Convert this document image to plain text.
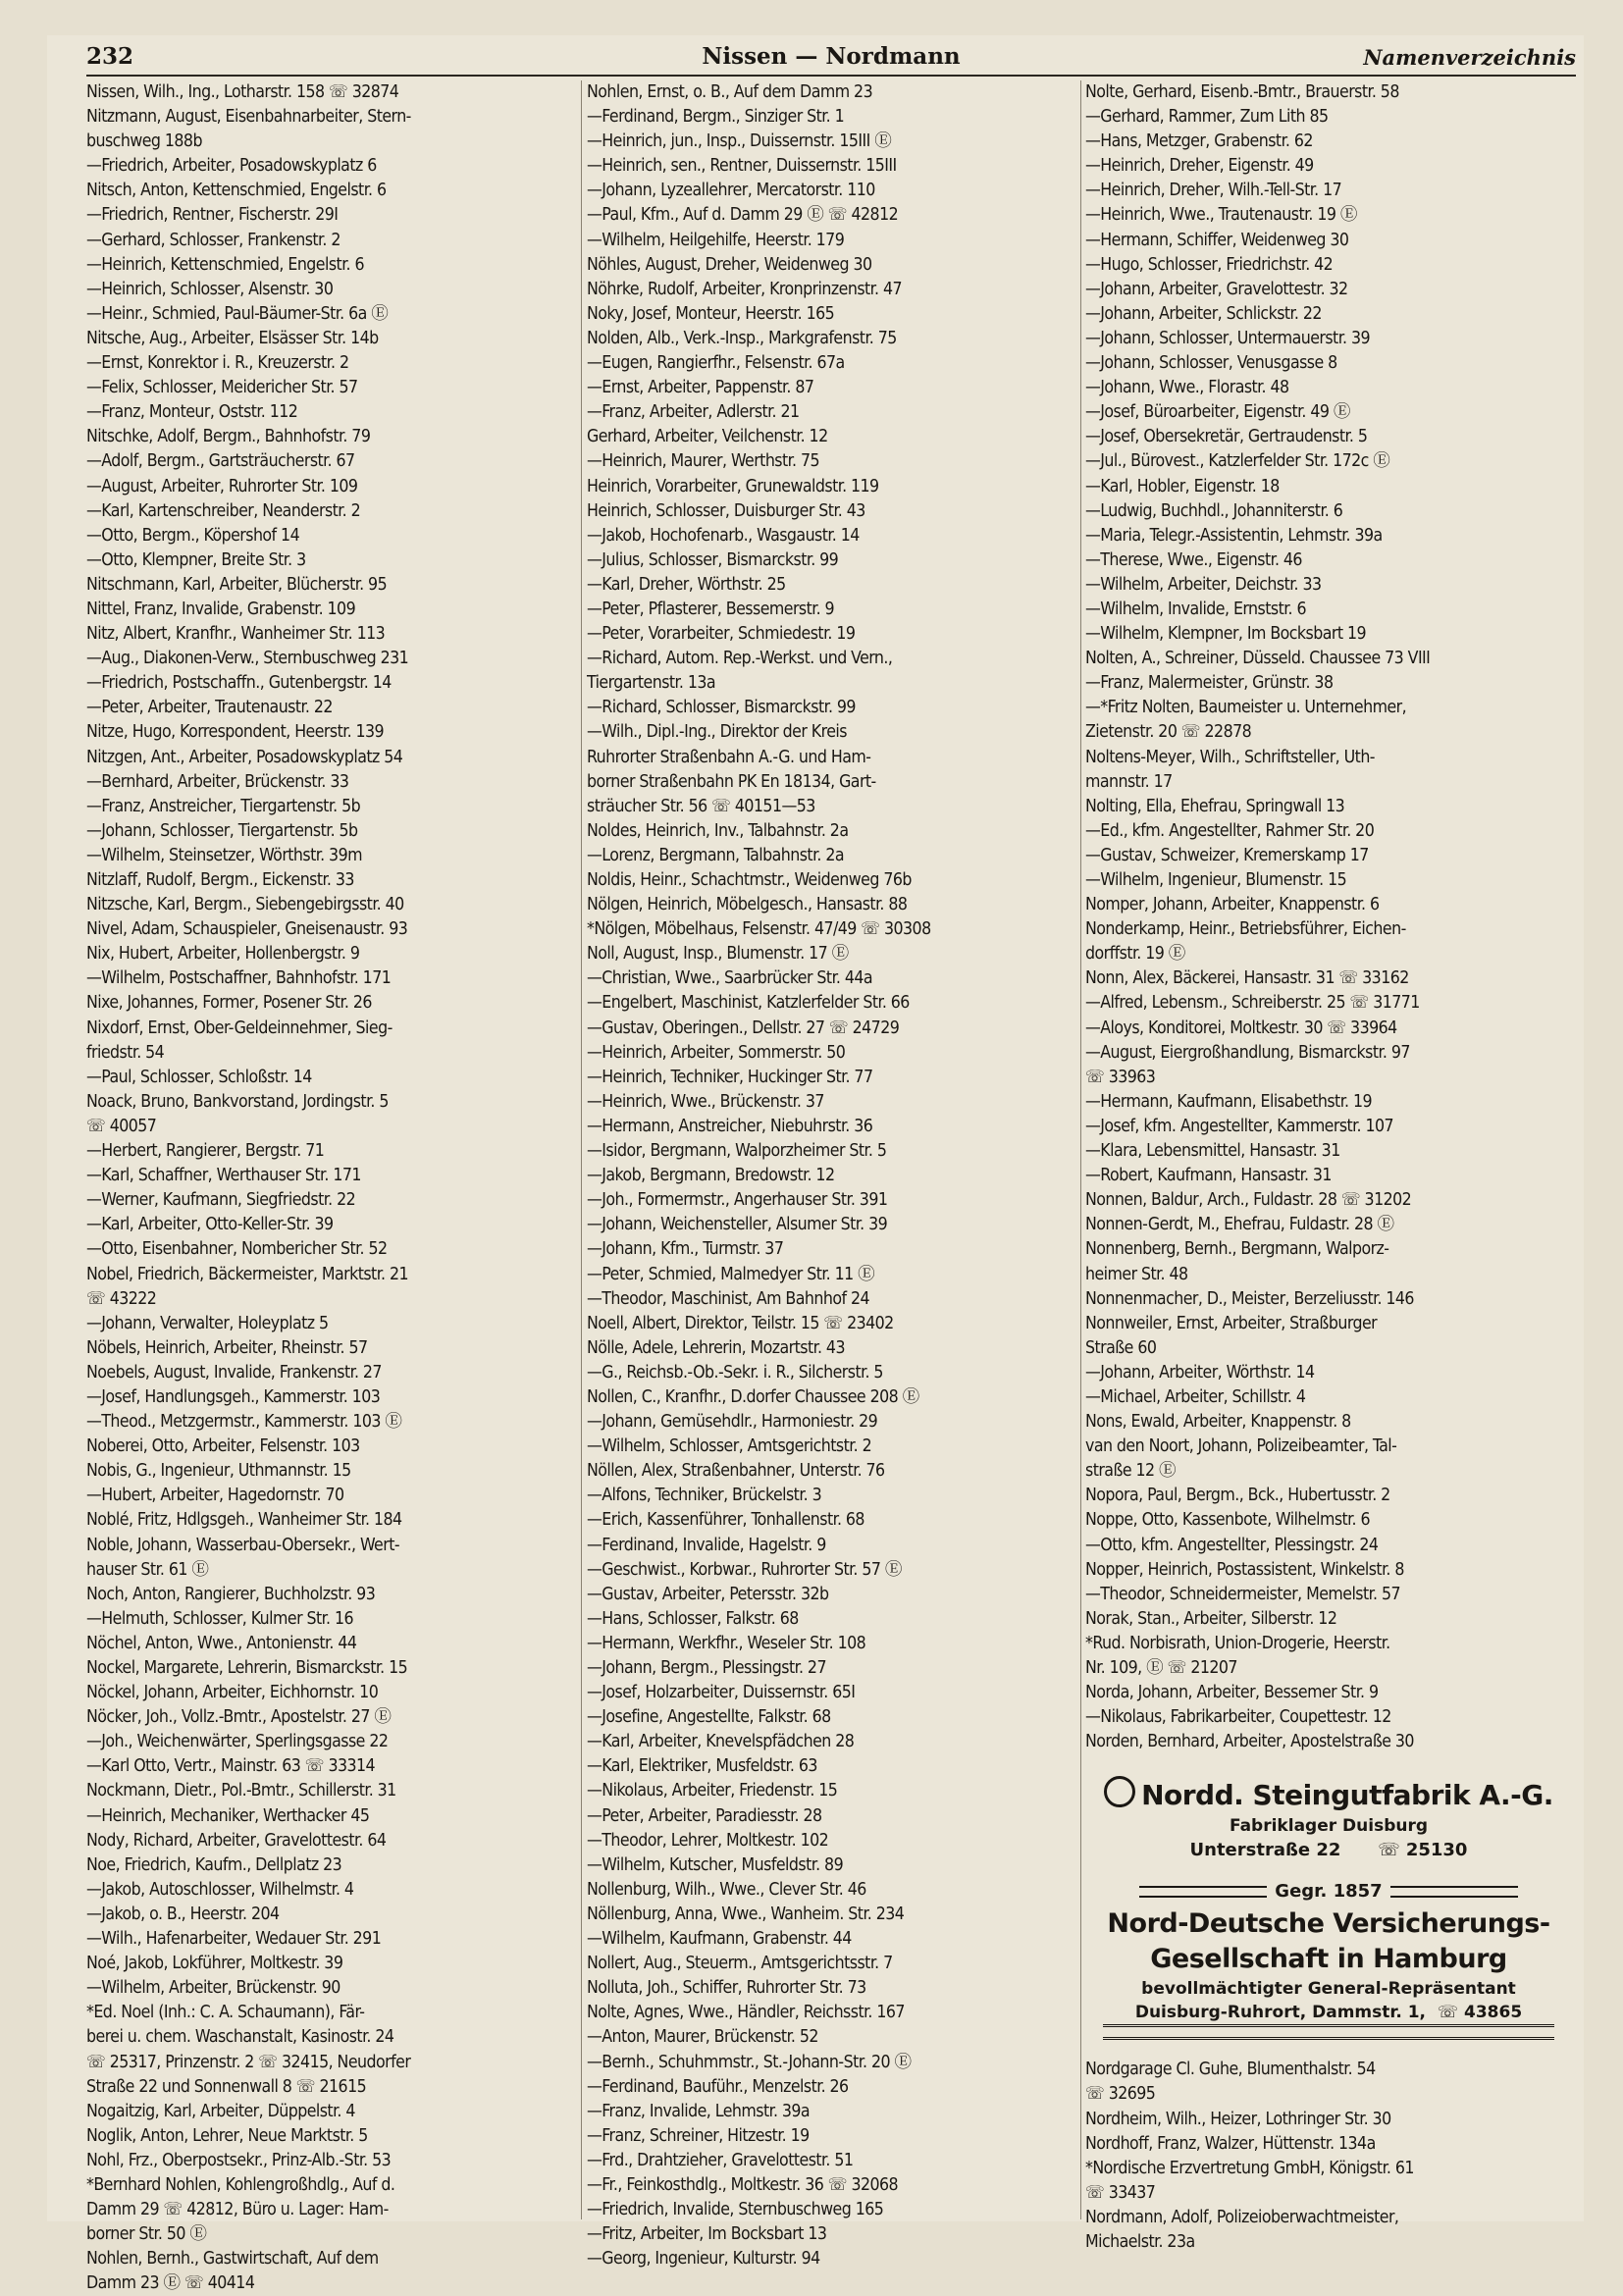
232	Nissen — Nordmann	Namenverzeichnis
Nissen, Wilh., Ing., Lotharstr. 158 ☏ 32874
Nitzmann, August, Eisenbahnarbeiter, Stern-
buschweg 188b
—Friedrich, Arbeiter, Posadowskyplatz 6
Nitsch, Anton, Kettenschmied, Engelstr. 6
—Friedrich, Rentner, Fischerstr. 29I
—Gerhard, Schlosser, Frankenstr. 2
—Heinrich, Kettenschmied, Engelstr. 6
—Heinrich, Schlosser, Alsenstr. 30
—Heinr., Schmied, Paul-Bäumer-Str. 6a Ⓔ
Nitsche, Aug., Arbeiter, Elsässer Str. 14b
—Ernst, Konrektor i. R., Kreuzerstr. 2
—Felix, Schlosser, Meidericher Str. 57
—Franz, Monteur, Oststr. 112
Nitschke, Adolf, Bergm., Bahnhofstr. 79
—Adolf, Bergm., Gartsträucherstr. 67
—August, Arbeiter, Ruhrorter Str. 109
—Karl, Kartenschreiber, Neanderstr. 2
—Otto, Bergm., Köpershof 14
—Otto, Klempner, Breite Str. 3
Nitschmann, Karl, Arbeiter, Blücherstr. 95
Nittel, Franz, Invalide, Grabenstr. 109
Nitz, Albert, Kranfhr., Wanheimer Str. 113
—Aug., Diakonen-Verw., Sternbuschweg 231
—Friedrich, Postschaffn., Gutenbergstr. 14
—Peter, Arbeiter, Trautenaustr. 22
Nitze, Hugo, Korrespondent, Heerstr. 139
Nitzgen, Ant., Arbeiter, Posadowskyplatz 54
—Bernhard, Arbeiter, Brückenstr. 33
—Franz, Anstreicher, Tiergartenstr. 5b
—Johann, Schlosser, Tiergartenstr. 5b
—Wilhelm, Steinsetzer, Wörthstr. 39m
Nitzlaff, Rudolf, Bergm., Eickenstr. 33
Nitzsche, Karl, Bergm., Siebengebirgsstr. 40
Nivel, Adam, Schauspieler, Gneisenaustr. 93
Nix, Hubert, Arbeiter, Hollenbergstr. 9
—Wilhelm, Postschaffner, Bahnhofstr. 171
Nixe, Johannes, Former, Posener Str. 26
Nixdorf, Ernst, Ober-Geldeinnehmer, Sieg-
friedstr. 54
—Paul, Schlosser, Schloßstr. 14
Noack, Bruno, Bankvorstand, Jordingstr. 5
☏ 40057
—Herbert, Rangierer, Bergstr. 71
—Karl, Schaffner, Werthauser Str. 171
—Werner, Kaufmann, Siegfriedstr. 22
—Karl, Arbeiter, Otto-Keller-Str. 39
—Otto, Eisenbahner, Nombericher Str. 52
Nobel, Friedrich, Bäckermeister, Marktstr. 21
☏ 43222
—Johann, Verwalter, Holeyplatz 5
Nöbels, Heinrich, Arbeiter, Rheinstr. 57
Noebels, August, Invalide, Frankenstr. 27
—Josef, Handlungsgeh., Kammerstr. 103
—Theod., Metzgermstr., Kammerstr. 103 Ⓔ
Noberei, Otto, Arbeiter, Felsenstr. 103
Nobis, G., Ingenieur, Uthmannstr. 15
—Hubert, Arbeiter, Hagedornstr. 70
Noblé, Fritz, Hdlgsgeh., Wanheimer Str. 184
Noble, Johann, Wasserbau-Obersekr., Wert-
hauser Str. 61 Ⓔ
Noch, Anton, Rangierer, Buchholzstr. 93
—Helmuth, Schlosser, Kulmer Str. 16
Nöchel, Anton, Wwe., Antonienstr. 44
Nockel, Margarete, Lehrerin, Bismarckstr. 15
Nöckel, Johann, Arbeiter, Eichhornstr. 10
Nöcker, Joh., Vollz.-Bmtr., Apostelstr. 27 Ⓔ
—Joh., Weichenwärter, Sperlingsgasse 22
—Karl Otto, Vertr., Mainstr. 63 ☏ 33314
Nockmann, Dietr., Pol.-Bmtr., Schillerstr. 31
—Heinrich, Mechaniker, Werthacker 45
Nody, Richard, Arbeiter, Gravelottestr. 64
Noe, Friedrich, Kaufm., Dellplatz 23
—Jakob, Autoschlosser, Wilhelmstr. 4
—Jakob, o. B., Heerstr. 204
—Wilh., Hafenarbeiter, Wedauer Str. 291
Noé, Jakob, Lokführer, Moltkestr. 39
—Wilhelm, Arbeiter, Brückenstr. 90
*Ed. Noel (Inh.: C. A. Schaumann), Fär-
berei u. chem. Waschanstalt, Kasinostr. 24
☏ 25317, Prinzenstr. 2 ☏ 32415, Neudorfer
Straße 22 und Sonnenwall 8 ☏ 21615
Nogaitzig, Karl, Arbeiter, Düppelstr. 4
Noglik, Anton, Lehrer, Neue Marktstr. 5
Nohl, Frz., Oberpostsekr., Prinz-Alb.-Str. 53
*Bernhard Nohlen, Kohlengroßhdlg., Auf d.
Damm 29 ☏ 42812, Büro u. Lager: Ham-
borner Str. 50 Ⓔ
Nohlen, Bernh., Gastwirtschaft, Auf dem
Damm 23 Ⓔ ☏ 40414
Nohlen, Ernst, o. B., Auf dem Damm 23
—Ferdinand, Bergm., Sinziger Str. 1
—Heinrich, jun., Insp., Duissernstr. 15III Ⓔ
—Heinrich, sen., Rentner, Duissernstr. 15III
—Johann, Lyzeallehrer, Mercatorstr. 110
—Paul, Kfm., Auf d. Damm 29 Ⓔ ☏ 42812
—Wilhelm, Heilgehilfe, Heerstr. 179
Nöhles, August, Dreher, Weidenweg 30
Nöhrke, Rudolf, Arbeiter, Kronprinzenstr. 47
Noky, Josef, Monteur, Heerstr. 165
Nolden, Alb., Verk.-Insp., Markgrafenstr. 75
—Eugen, Rangierfhr., Felsenstr. 67a
—Ernst, Arbeiter, Pappenstr. 87
—Franz, Arbeiter, Adlerstr. 21
Gerhard, Arbeiter, Veilchenstr. 12
—Heinrich, Maurer, Werthstr. 75
Heinrich, Vorarbeiter, Grunewaldstr. 119
Heinrich, Schlosser, Duisburger Str. 43
—Jakob, Hochofenarb., Wasgaustr. 14
—Julius, Schlosser, Bismarckstr. 99
—Karl, Dreher, Wörthstr. 25
—Peter, Pflasterer, Bessemerstr. 9
—Peter, Vorarbeiter, Schmiedestr. 19
—Richard, Autom. Rep.-Werkst. und Vern.,
Tiergartenstr. 13a
—Richard, Schlosser, Bismarckstr. 99
—Wilh., Dipl.-Ing., Direktor der Kreis
Ruhrorter Straßenbahn A.-G. und Ham-
borner Straßenbahn PK En 18134, Gart-
sträucher Str. 56 ☏ 40151—53
Noldes, Heinrich, Inv., Talbahnstr. 2a
—Lorenz, Bergmann, Talbahnstr. 2a
Noldis, Heinr., Schachtmstr., Weidenweg 76b
Nölgen, Heinrich, Möbelgesch., Hansastr. 88
*Nölgen, Möbelhaus, Felsenstr. 47/49 ☏ 30308
Noll, August, Insp., Blumenstr. 17 Ⓔ
—Christian, Wwe., Saarbrücker Str. 44a
—Engelbert, Maschinist, Katzlerfelder Str. 66
—Gustav, Oberingen., Dellstr. 27 ☏ 24729
—Heinrich, Arbeiter, Sommerstr. 50
—Heinrich, Techniker, Huckinger Str. 77
—Heinrich, Wwe., Brückenstr. 37
—Hermann, Anstreicher, Niebuhrstr. 36
—Isidor, Bergmann, Walporzheimer Str. 5
—Jakob, Bergmann, Bredowstr. 12
—Joh., Formermstr., Angerhauser Str. 391
—Johann, Weichensteller, Alsumer Str. 39
—Johann, Kfm., Turmstr. 37
—Peter, Schmied, Malmedyer Str. 11 Ⓔ
—Theodor, Maschinist, Am Bahnhof 24
Noell, Albert, Direktor, Teilstr. 15 ☏ 23402
Nölle, Adele, Lehrerin, Mozartstr. 43
—G., Reichsb.-Ob.-Sekr. i. R., Silcherstr. 5
Nollen, C., Kranfhr., D.dorfer Chaussee 208 Ⓔ
—Johann, Gemüsehdlr., Harmoniestr. 29
—Wilhelm, Schlosser, Amtsgerichtstr. 2
Nöllen, Alex, Straßenbahner, Unterstr. 76
—Alfons, Techniker, Brückelstr. 3
—Erich, Kassenführer, Tonhallenstr. 68
—Ferdinand, Invalide, Hagelstr. 9
—Geschwist., Korbwar., Ruhrorter Str. 57 Ⓔ
—Gustav, Arbeiter, Petersstr. 32b
—Hans, Schlosser, Falkstr. 68
—Hermann, Werkfhr., Weseler Str. 108
—Johann, Bergm., Plessingstr. 27
—Josef, Holzarbeiter, Duissernstr. 65I
—Josefine, Angestellte, Falkstr. 68
—Karl, Arbeiter, Knevelspfädchen 28
—Karl, Elektriker, Musfeldstr. 63
—Nikolaus, Arbeiter, Friedenstr. 15
—Peter, Arbeiter, Paradiesstr. 28
—Theodor, Lehrer, Moltkestr. 102
—Wilhelm, Kutscher, Musfeldstr. 89
Nollenburg, Wilh., Wwe., Clever Str. 46
Nöllenburg, Anna, Wwe., Wanheim. Str. 234
—Wilhelm, Kaufmann, Grabenstr. 44
Nollert, Aug., Steuerm., Amtsgerichtsstr. 7
Nolluta, Joh., Schiffer, Ruhrorter Str. 73
Nolte, Agnes, Wwe., Händler, Reichsstr. 167
—Anton, Maurer, Brückenstr. 52
—Bernh., Schuhmmstr., St.-Johann-Str. 20 Ⓔ
—Ferdinand, Bauführ., Menzelstr. 26
—Franz, Invalide, Lehmstr. 39a
—Franz, Schreiner, Hitzestr. 19
—Frd., Drahtzieher, Gravelottestr. 51
—Fr., Feinkosthdlg., Moltkestr. 36 ☏ 32068
—Friedrich, Invalide, Sternbuschweg 165
—Fritz, Arbeiter, Im Bocksbart 13
—Georg, Ingenieur, Kulturstr. 94
Nolte, Gerhard, Eisenb.-Bmtr., Brauerstr. 58
—Gerhard, Rammer, Zum Lith 85
—Hans, Metzger, Grabenstr. 62
—Heinrich, Dreher, Eigenstr. 49
—Heinrich, Dreher, Wilh.-Tell-Str. 17
—Heinrich, Wwe., Trautenaustr. 19 Ⓔ
—Hermann, Schiffer, Weidenweg 30
—Hugo, Schlosser, Friedrichstr. 42
—Johann, Arbeiter, Gravelottestr. 32
—Johann, Arbeiter, Schlickstr. 22
—Johann, Schlosser, Untermauerstr. 39
—Johann, Schlosser, Venusgasse 8
—Johann, Wwe., Florastr. 48
—Josef, Büroarbeiter, Eigenstr. 49 Ⓔ
—Josef, Obersekretär, Gertraudenstr. 5
—Jul., Bürovest., Katzlerfelder Str. 172c Ⓔ
—Karl, Hobler, Eigenstr. 18
—Ludwig, Buchhdl., Johanniterstr. 6
—Maria, Telegr.-Assistentin, Lehmstr. 39a
—Therese, Wwe., Eigenstr. 46
—Wilhelm, Arbeiter, Deichstr. 33
—Wilhelm, Invalide, Ernststr. 6
—Wilhelm, Klempner, Im Bocksbart 19
Nolten, A., Schreiner, Düsseld. Chaussee 73 VIII
—Franz, Malermeister, Grünstr. 38
—*Fritz Nolten, Baumeister u. Unternehmer,
Zietenstr. 20 ☏ 22878
Noltens-Meyer, Wilh., Schriftsteller, Uth-
mannstr. 17
Nolting, Ella, Ehefrau, Springwall 13
—Ed., kfm. Angestellter, Rahmer Str. 20
—Gustav, Schweizer, Kremerskamp 17
—Wilhelm, Ingenieur, Blumenstr. 15
Nomper, Johann, Arbeiter, Knappenstr. 6
Nonderkamp, Heinr., Betriebsführer, Eichen-
dorffstr. 19 Ⓔ
Nonn, Alex, Bäckerei, Hansastr. 31 ☏ 33162
—Alfred, Lebensm., Schreiberstr. 25 ☏ 31771
—Aloys, Konditorei, Moltkestr. 30 ☏ 33964
—August, Eiergroßhandlung, Bismarckstr. 97
☏ 33963
—Hermann, Kaufmann, Elisabethstr. 19
—Josef, kfm. Angestellter, Kammerstr. 107
—Klara, Lebensmittel, Hansastr. 31
—Robert, Kaufmann, Hansastr. 31
Nonnen, Baldur, Arch., Fuldastr. 28 ☏ 31202
Nonnen-Gerdt, M., Ehefrau, Fuldastr. 28 Ⓔ
Nonnenberg, Bernh., Bergmann, Walporz-
heimer Str. 48
Nonnenmacher, D., Meister, Berzeliusstr. 146
Nonnweiler, Ernst, Arbeiter, Straßburger
Straße 60
—Johann, Arbeiter, Wörthstr. 14
—Michael, Arbeiter, Schillstr. 4
Nons, Ewald, Arbeiter, Knappenstr. 8
van den Noort, Johann, Polizeibeamter, Tal-
straße 12 Ⓔ
Nopora, Paul, Bergm., Bck., Hubertusstr. 2
Noppe, Otto, Kassenbote, Wilhelmstr. 6
—Otto, kfm. Angestellter, Plessingstr. 24
Nopper, Heinrich, Postassistent, Winkelstr. 8
—Theodor, Schneidermeister, Memelstr. 57
Norak, Stan., Arbeiter, Silberstr. 12
*Rud. Norbisrath, Union-Drogerie, Heerstr.
Nr. 109, Ⓔ ☏ 21207
Norda, Johann, Arbeiter, Bessemer Str. 9
—Nikolaus, Fabrikarbeiter, Coupettestr. 12
Norden, Bernhard, Arbeiter, Apostelstraße 30
Nordd. Steingutfabrik A.-G.
Fabriklager Duisburg
Unterstraße 22 ☏ 25130
Gegr. 1857
Nord-Deutsche Versicherungs-
Gesellschaft in Hamburg
bevollmächtigter General-Repräsentant
Duisburg-Ruhrort, Dammstr. 1, ☏ 43865
Nordgarage Cl. Guhe, Blumenthalstr. 54
☏ 32695
Nordheim, Wilh., Heizer, Lothringer Str. 30
Nordhoff, Franz, Walzer, Hüttenstr. 134a
*Nordische Erzvertretung GmbH, Königstr. 61
☏ 33437
Nordmann, Adolf, Polizeioberwachtmeister,
Michaelstr. 23a
